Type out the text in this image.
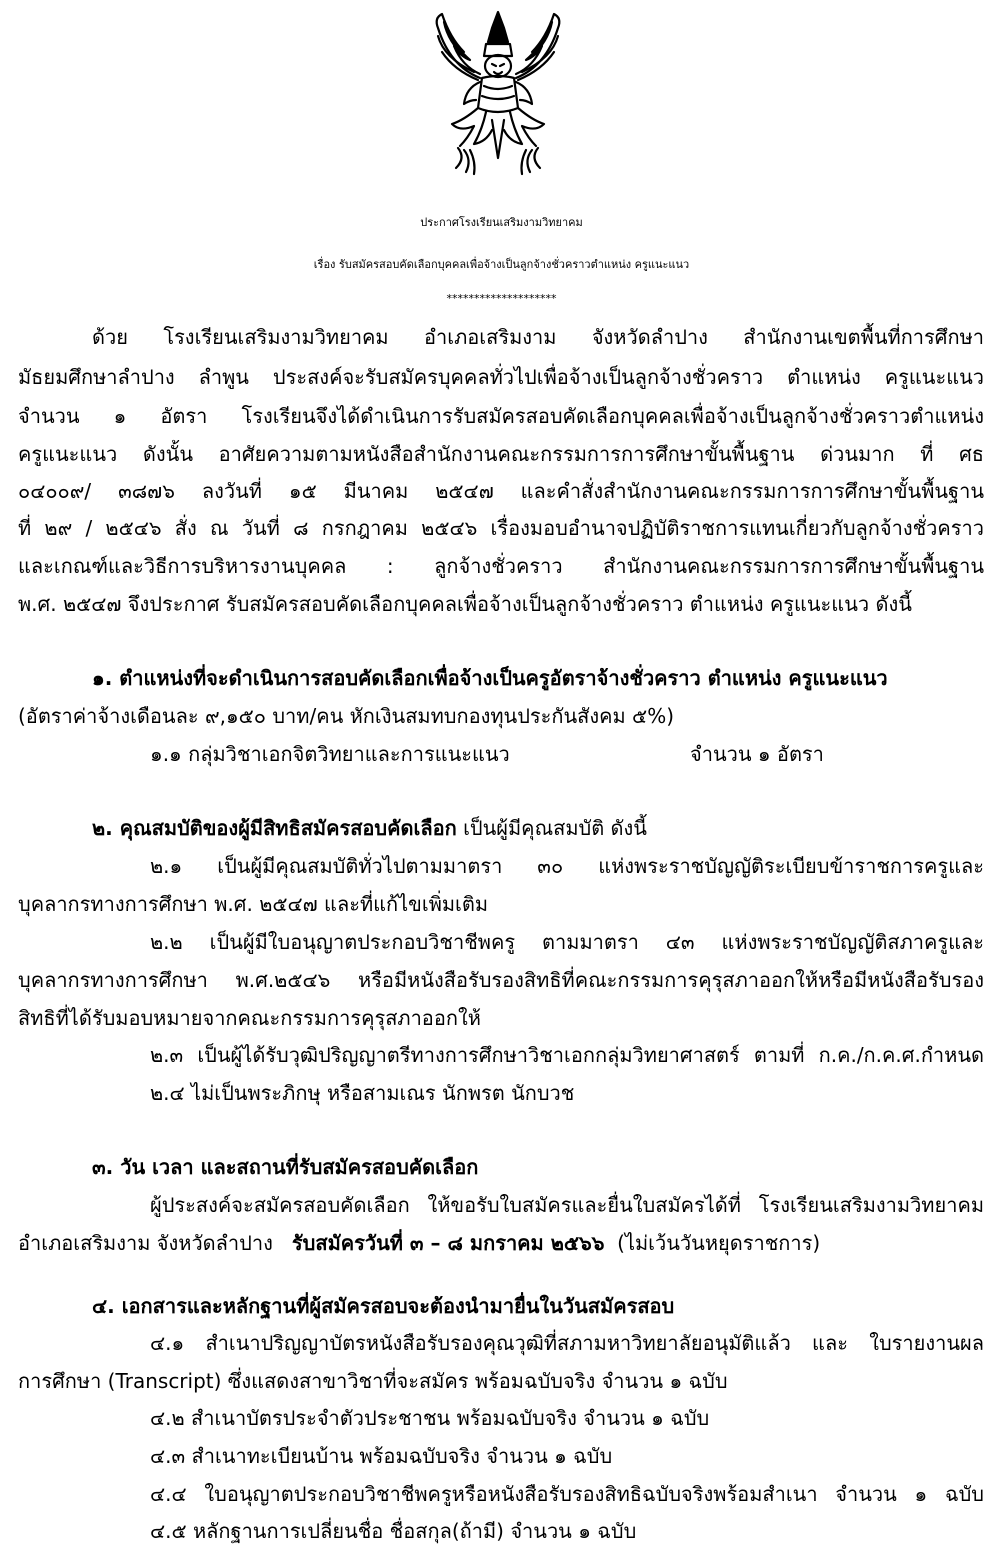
ประกาศโรงเรียนเสริมงามวิทยาคม
เรื่อง รับสมัครสอบคัดเลือกบุคคลเพื่อจ้างเป็นลูกจ้างชั่วคราวตำแหน่ง ครูแนะแนว
********************
ด้วย โรงเรียนเสริมงามวิทยาคม อำเภอเสริมงาม จังหวัดลำปาง สำนักงานเขตพื้นที่การศึกษา
มัธยมศึกษาลำปาง ลำพูน ประสงค์จะรับสมัครบุคคลทั่วไปเพื่อจ้างเป็นลูกจ้างชั่วคราว ตำแหน่ง ครูแนะแนว
จำนวน ๑ อัตรา โรงเรียนจึงได้ดำเนินการรับสมัครสอบคัดเลือกบุคคลเพื่อจ้างเป็นลูกจ้างชั่วคราวตำแหน่ง
ครูแนะแนว ดังนั้น อาศัยความตามหนังสือสำนักงานคณะกรรมการการศึกษาขั้นพื้นฐาน ด่วนมาก ที่ ศธ
๐๔๐๐๙/ ๓๘๗๖ ลงวันที่ ๑๕ มีนาคม ๒๕๔๗ และคำสั่งสำนักงานคณะกรรมการการศึกษาขั้นพื้นฐาน
ที่ ๒๙ / ๒๕๔๖ สั่ง ณ วันที่ ๘ กรกฎาคม ๒๕๔๖ เรื่องมอบอำนาจปฏิบัติราชการแทนเกี่ยวกับลูกจ้างชั่วคราว
และเกณฑ์และวิธีการบริหารงานบุคคล : ลูกจ้างชั่วคราว สำนักงานคณะกรรมการการศึกษาขั้นพื้นฐาน
พ.ศ. ๒๕๔๗ จึงประกาศ รับสมัครสอบคัดเลือกบุคคลเพื่อจ้างเป็นลูกจ้างชั่วคราว ตำแหน่ง ครูแนะแนว ดังนี้
๑. ตำแหน่งที่จะดำเนินการสอบคัดเลือกเพื่อจ้างเป็นครูอัตราจ้างชั่วคราว ตำแหน่ง ครูแนะแนว
(อัตราค่าจ้างเดือนละ ๙,๑๕๐ บาท/คน หักเงินสมทบกองทุนประกันสังคม ๕%)
๑.๑ กลุ่มวิชาเอกจิตวิทยาและการแนะแนว	จำนวน ๑ อัตรา
๒. คุณสมบัติของผู้มีสิทธิสมัครสอบคัดเลือก เป็นผู้มีคุณสมบัติ ดังนี้
๒.๑ เป็นผู้มีคุณสมบัติทั่วไปตามมาตรา ๓๐ แห่งพระราชบัญญัติระเบียบข้าราชการครูและ
บุคลากรทางการศึกษา พ.ศ. ๒๕๔๗ และที่แก้ไขเพิ่มเติม
๒.๒ เป็นผู้มีใบอนุญาตประกอบวิชาชีพครู ตามมาตรา ๔๓ แห่งพระราชบัญญัติสภาครูและ
บุคลากรทางการศึกษา พ.ศ.๒๕๔๖ หรือมีหนังสือรับรองสิทธิที่คณะกรรมการคุรุสภาออกให้หรือมีหนังสือรับรอง
สิทธิที่ได้รับมอบหมายจากคณะกรรมการคุรุสภาออกให้
๒.๓ เป็นผู้ได้รับวุฒิปริญญาตรีทางการศึกษาวิชาเอกกลุ่มวิทยาศาสตร์ ตามที่ ก.ค./ก.ค.ศ.กำหนด
๒.๔ ไม่เป็นพระภิกษุ หรือสามเณร นักพรต นักบวช
๓. วัน เวลา และสถานที่รับสมัครสอบคัดเลือก
ผู้ประสงค์จะสมัครสอบคัดเลือก ให้ขอรับใบสมัครและยื่นใบสมัครได้ที่ โรงเรียนเสริมงามวิทยาคม
อำเภอเสริมงาม จังหวัดลำปาง รับสมัครวันที่ ๓ – ๘ มกราคม ๒๕๖๖ (ไม่เว้นวันหยุดราชการ)
๔. เอกสารและหลักฐานที่ผู้สมัครสอบจะต้องนำมายื่นในวันสมัครสอบ
๔.๑ สำเนาปริญญาบัตรหนังสือรับรองคุณวุฒิที่สภามหาวิทยาลัยอนุมัติแล้ว และ ใบรายงานผล
การศึกษา (Transcript) ซึ่งแสดงสาขาวิชาที่จะสมัคร พร้อมฉบับจริง จำนวน ๑ ฉบับ
๔.๒ สำเนาบัตรประจำตัวประชาชน พร้อมฉบับจริง จำนวน ๑ ฉบับ
๔.๓ สำเนาทะเบียนบ้าน พร้อมฉบับจริง จำนวน ๑ ฉบับ
๔.๔ ใบอนุญาตประกอบวิชาชีพครูหรือหนังสือรับรองสิทธิฉบับจริงพร้อมสำเนา จำนวน ๑ ฉบับ
๔.๕ หลักฐานการเปลี่ยนชื่อ ชื่อสกุล(ถ้ามี) จำนวน ๑ ฉบับ
